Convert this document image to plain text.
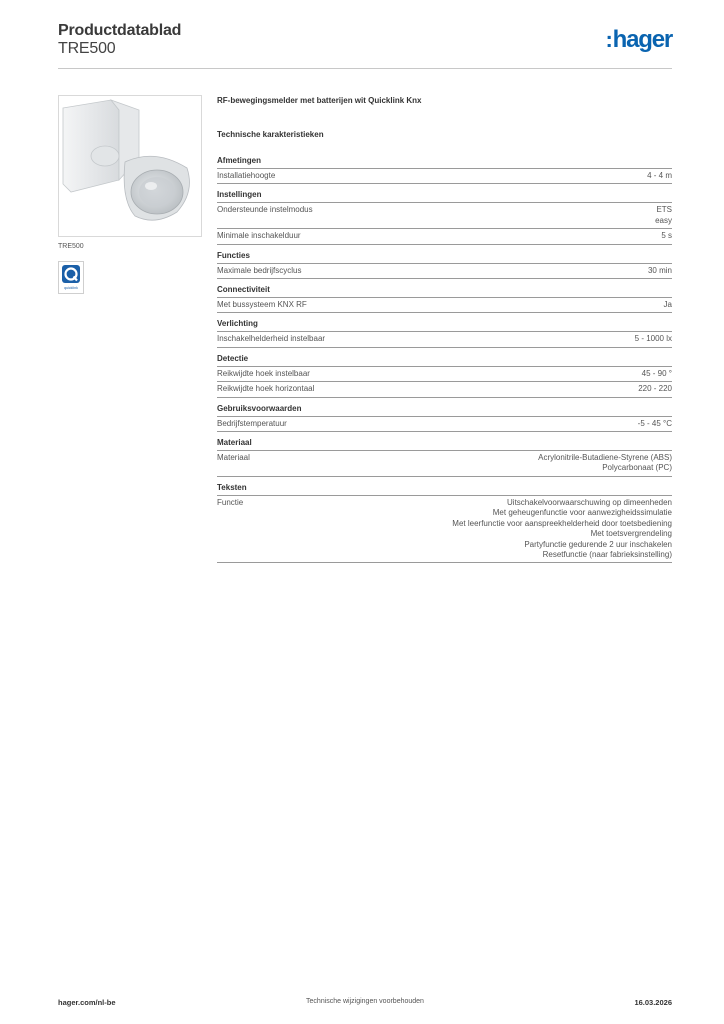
Productdatablad
TRE500	:hager
TRE500
quicklink
RF-bewegingsmelder met batterijen wit Quicklink Knx
Technische karakteristieken
Afmetingen
Installatiehoogte	4 - 4 m
Instellingen
Ondersteunde instelmodus	ETS
easy
Minimale inschakelduur	5 s
Functies
Maximale bedrijfscyclus	30 min
Connectiviteit
Met bussysteem KNX RF	Ja
Verlichting
Inschakelhelderheid instelbaar	5 - 1000 lx
Detectie
Reikwijdte hoek instelbaar	45 - 90 °
Reikwijdte hoek horizontaal	220 - 220
Gebruiksvoorwaarden
Bedrijfstemperatuur	-5 - 45 °C
Materiaal
Materiaal	Acrylonitrile-Butadiene-Styrene (ABS)
Polycarbonaat (PC)
Teksten
Functie	Uitschakelvoorwaarschuwing op dimeenheden
Met geheugenfunctie voor aanwezigheidssimulatie
Met leerfunctie voor aanspreekhelderheid door toetsbediening
Met toetsvergrendeling
Partyfunctie gedurende 2 uur inschakelen
Resetfunctie (naar fabrieksinstelling)
hager.com/nl-be	Technische wijzigingen voorbehouden	16.03.2026
